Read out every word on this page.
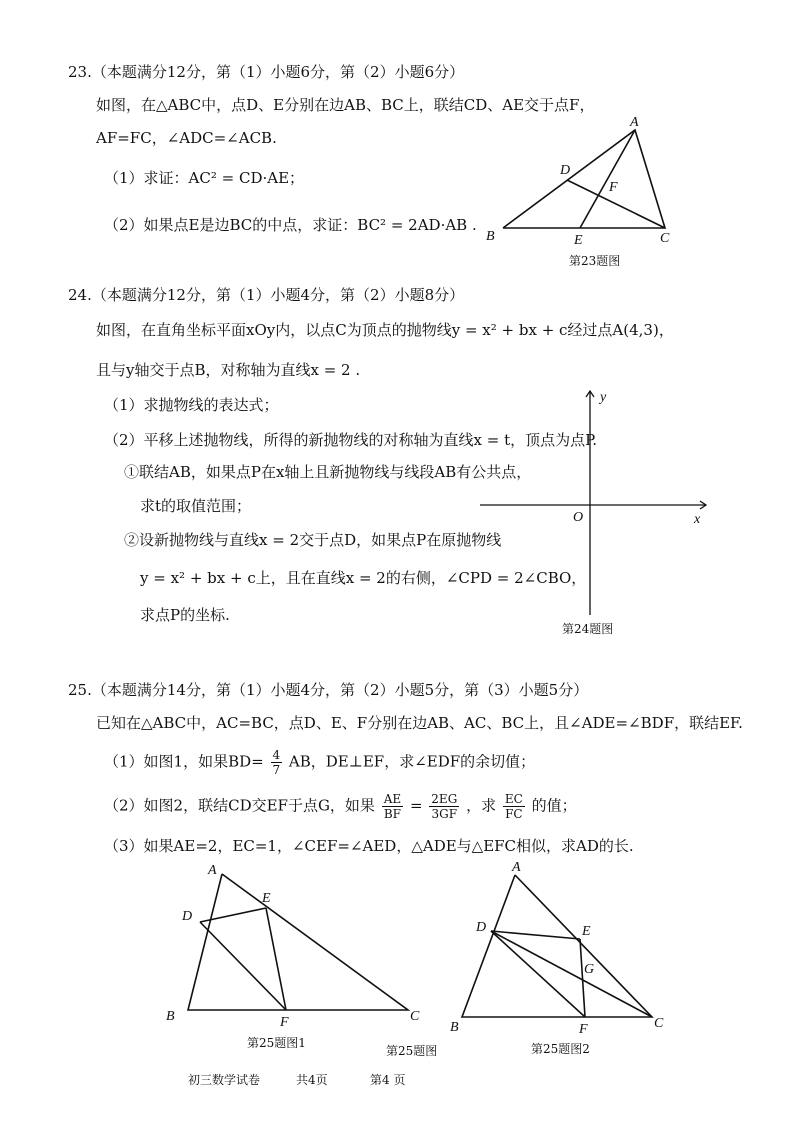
23.（本题满分12分，第（1）小题6分，第（2）小题6分）
如图，在△ABC中，点D、E分别在边AB、BC上，联结CD、AE交于点F，
AF=FC，∠ADC=∠ACB.
（1）求证：AC² = CD·AE；
（2）如果点E是边BC的中点，求证：BC² = 2AD·AB .
A
B	C
D
E
F
第23题图
24.（本题满分12分，第（1）小题4分，第（2）小题8分）
如图，在直角坐标平面xOy内，以点C为顶点的抛物线y = x² + bx + c经过点A(4,3)，
且与y轴交于点B，对称轴为直线x = 2 .
（1）求抛物线的表达式；
（2）平移上述抛物线，所得的新抛物线的对称轴为直线x = t，顶点为点P.
①联结AB，如果点P在x轴上且新抛物线与线段AB有公共点，
求t的取值范围；
②设新抛物线与直线x = 2交于点D，如果点P在原抛物线
y = x² + bx + c上，且在直线x = 2的右侧，∠CPD = 2∠CBO，
求点P的坐标.
y
x
O
第24题图
25.（本题满分14分，第（1）小题4分，第（2）小题5分，第（3）小题5分）
已知在△ABC中，AC=BC，点D、E、F分别在边AB、AC、BC上，且∠ADE=∠BDF，联结EF.
（1）如图1，如果$BD= \frac{4}{7}$ AB，DE⊥EF，求∠EDF的余切值；
（2）如图2，联结CD交EF于点G，如果 $\frac{AE}{BF} = \frac{2EG}{3GF}$ ，求 $\frac{EC}{FC}$ 的值；
（3）如果AE=2，EC=1，∠CEF=∠AED，△ADE与△EFC相似，求AD的长.
A
B	C
D
E
F
第25题图1
第25题图
A
B	C
D	E
F
G
第25题图2
初三数学试卷	共4页	第4 页
